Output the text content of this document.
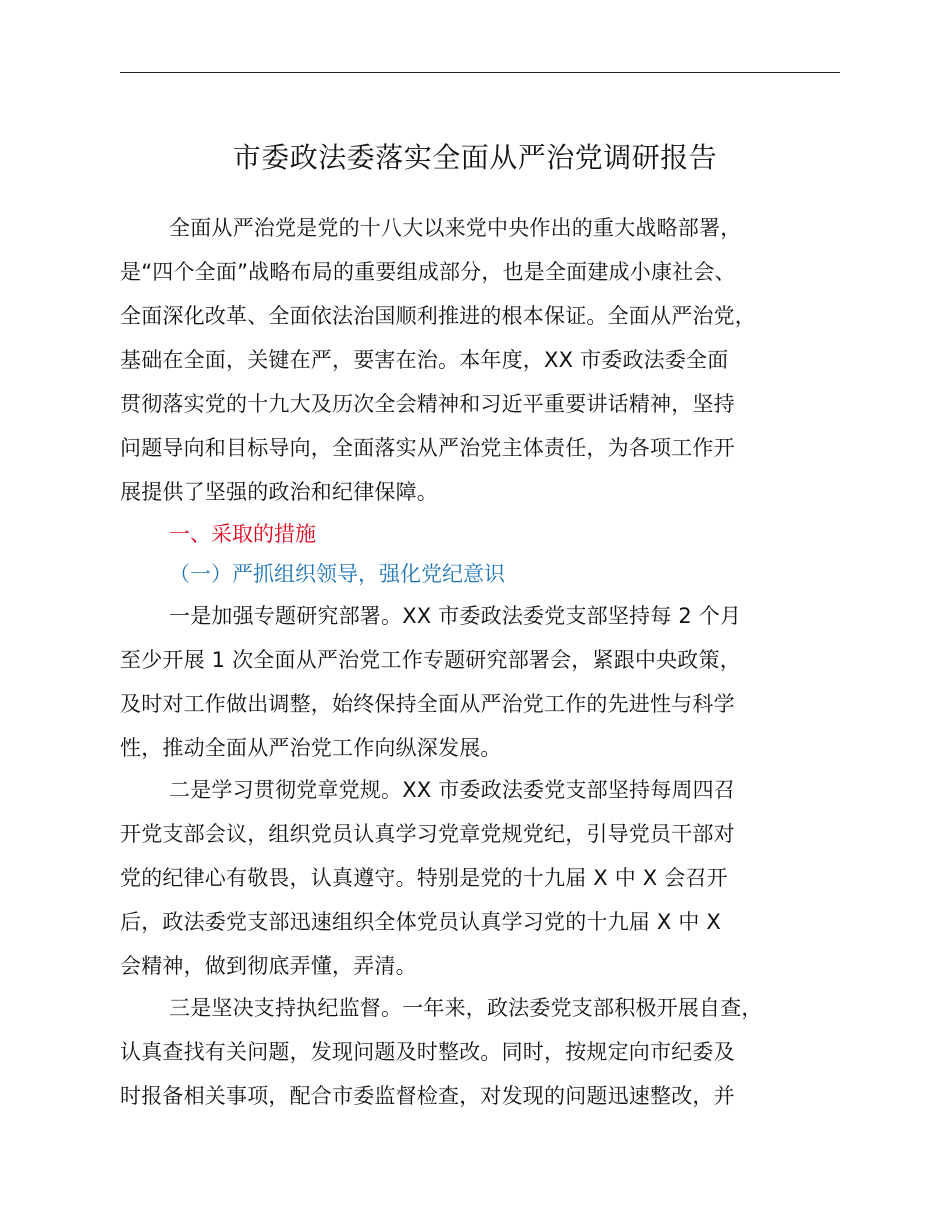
市委政法委落实全面从严治党调研报告
全面从严治党是党的十八大以来党中央作出的重大战略部署，
是“四个全面”战略布局的重要组成部分，也是全面建成小康社会、
全面深化改革、全面依法治国顺利推进的根本保证。全面从严治党，
基础在全面，关键在严，要害在治。本年度，XX 市委政法委全面
贯彻落实党的十九大及历次全会精神和习近平重要讲话精神，坚持
问题导向和目标导向，全面落实从严治党主体责任，为各项工作开
展提供了坚强的政治和纪律保障。
一、采取的措施
（一）严抓组织领导，强化党纪意识
一是加强专题研究部署。XX 市委政法委党支部坚持每 2 个月
至少开展 1 次全面从严治党工作专题研究部署会，紧跟中央政策，
及时对工作做出调整，始终保持全面从严治党工作的先进性与科学
性，推动全面从严治党工作向纵深发展。
二是学习贯彻党章党规。XX 市委政法委党支部坚持每周四召
开党支部会议，组织党员认真学习党章党规党纪，引导党员干部对
党的纪律心有敬畏，认真遵守。特别是党的十九届 X 中 X 会召开
后，政法委党支部迅速组织全体党员认真学习党的十九届 X 中 X
会精神，做到彻底弄懂，弄清。
三是坚决支持执纪监督。一年来，政法委党支部积极开展自查，
认真查找有关问题，发现问题及时整改。同时，按规定向市纪委及
时报备相关事项，配合市委监督检查，对发现的问题迅速整改，并
